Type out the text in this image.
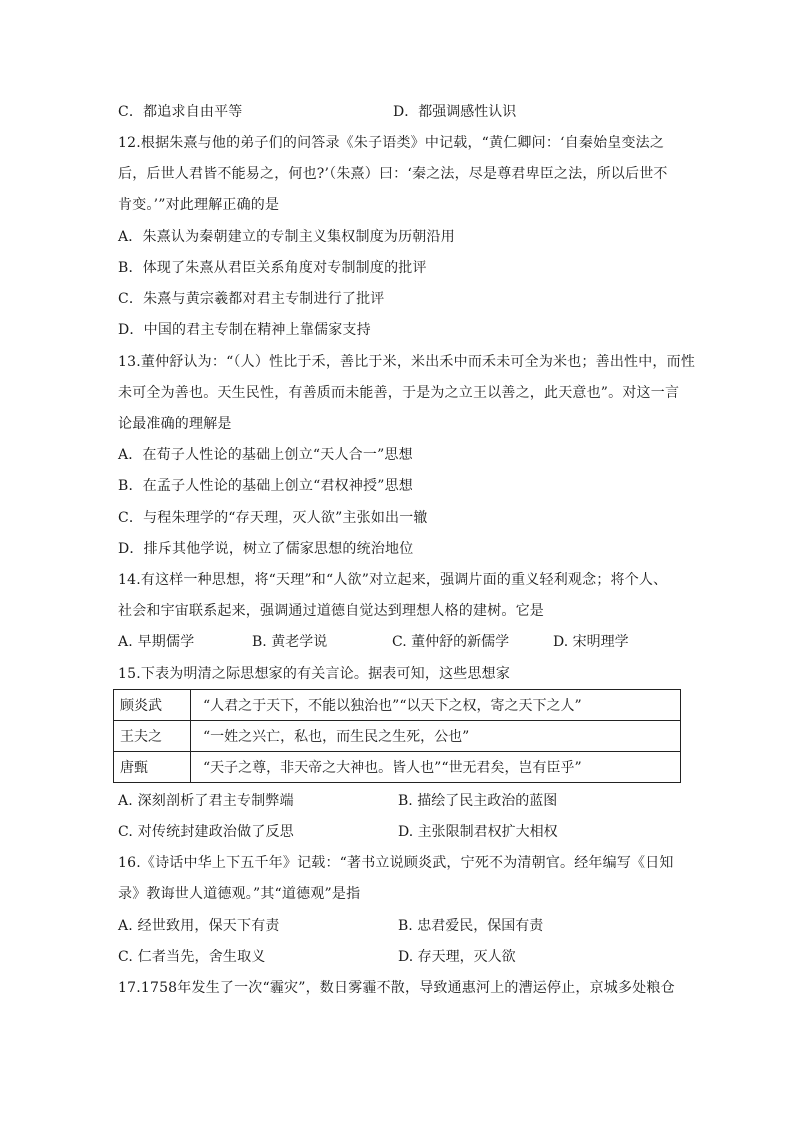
C．都追求自由平等	D．都强调感性认识
12.根据朱熹与他的弟子们的问答录《朱子语类》中记载，“黄仁卿问：‘自秦始皇变法之
后，后世人君皆不能易之，何也?’（朱熹）曰：‘秦之法，尽是尊君卑臣之法，所以后世不
肯变。’”对此理解正确的是
A．朱熹认为秦朝建立的专制主义集权制度为历朝沿用
B．体现了朱熹从君臣关系角度对专制制度的批评
C．朱熹与黄宗羲都对君主专制进行了批评
D．中国的君主专制在精神上靠儒家支持
13.董仲舒认为：“（人）性比于禾，善比于米，米出禾中而禾未可全为米也；善出性中，而性
未可全为善也。天生民性，有善质而未能善，于是为之立王以善之，此天意也”。对这一言
论最准确的理解是
A．在荀子人性论的基础上创立“天人合一”思想
B．在孟子人性论的基础上创立“君权神授”思想
C．与程朱理学的“存天理，灭人欲”主张如出一辙
D．排斥其他学说，树立了儒家思想的统治地位
14.有这样一种思想，将“天理”和“人欲”对立起来，强调片面的重义轻利观念；将个人、
社会和宇宙联系起来，强调通过道德自觉达到理想人格的建树。它是
A. 早期儒学	B. 黄老学说	C. 董仲舒的新儒学	D. 宋明理学
15.下表为明清之际思想家的有关言论。据表可知，这些思想家
顾炎武	“人君之于天下，不能以独治也”“以天下之权，寄之天下之人”
王夫之	“一姓之兴亡，私也，而生民之生死，公也”
唐甄	“天子之尊，非天帝之大神也。皆人也”“世无君矣，岂有臣乎”
A. 深刻剖析了君主专制弊端	B. 描绘了民主政治的蓝图
C. 对传统封建政治做了反思	D. 主张限制君权扩大相权
16.《诗话中华上下五千年》记载：“著书立说顾炎武，宁死不为清朝官。经年编写《日知
录》教诲世人道德观。”其“道德观”是指
A. 经世致用，保天下有责	B. 忠君爱民，保国有责
C. 仁者当先，舍生取义	D. 存天理，灭人欲
17.1758年发生了一次“霾灾”，数日雾霾不散，导致通惠河上的漕运停止，京城多处粮仓
